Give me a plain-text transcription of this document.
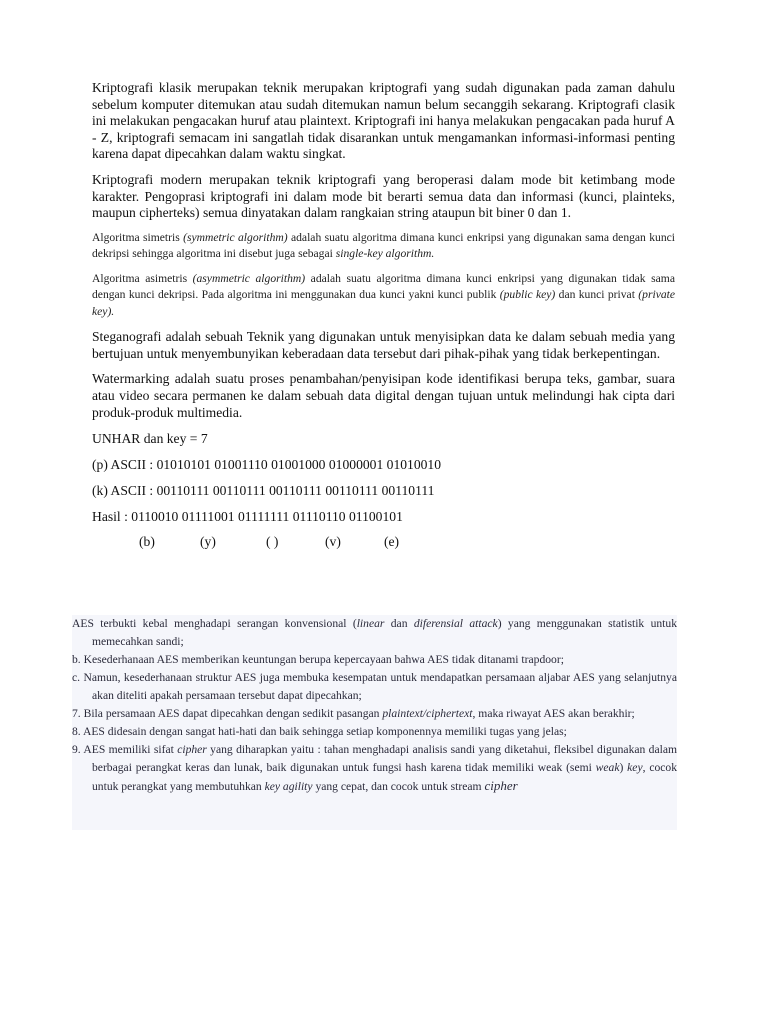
Kriptografi klasik merupakan teknik merupakan kriptografi yang sudah digunakan pada zaman dahulu sebelum komputer ditemukan atau sudah ditemukan namun belum secanggih sekarang. Kriptografi clasik ini melakukan pengacakan huruf atau plaintext. Kriptografi ini hanya melakukan pengacakan pada huruf A - Z, kriptografi semacam ini sangatlah tidak disarankan untuk mengamankan informasi-informasi penting karena dapat dipecahkan dalam waktu singkat.

Kriptografi modern merupakan teknik kriptografi yang beroperasi dalam mode bit ketimbang mode karakter. Pengoprasi kriptografi ini dalam mode bit berarti semua data dan informasi (kunci, plainteks, maupun cipherteks) semua dinyatakan dalam rangkaian string ataupun bit biner 0 dan 1.

Algoritma simetris (symmetric algorithm) adalah suatu algoritma dimana kunci enkripsi yang digunakan sama dengan kunci dekripsi sehingga algoritma ini disebut juga sebagai single-key algorithm.

Algoritma asimetris (asymmetric algorithm) adalah suatu algoritma dimana kunci enkripsi yang digunakan tidak sama dengan kunci dekripsi. Pada algoritma ini menggunakan dua kunci yakni kunci publik (public key) dan kunci privat (private key).

Steganografi adalah sebuah Teknik yang digunakan untuk menyisipkan data ke dalam sebuah media yang bertujuan untuk menyembunyikan keberadaan data tersebut dari pihak-pihak yang tidak berkepentingan.

Watermarking adalah suatu proses penambahan/penyisipan kode identifikasi berupa teks, gambar, suara atau video secara permanen ke dalam sebuah data digital dengan tujuan untuk melindungi hak cipta dari produk-produk multimedia.

UNHAR dan key = 7

(p) ASCII : 01010101 01001110 01001000 01000001 01010010

(k) ASCII : 00110111 00110111 00110111 00110111 00110111

Hasil : 0110010 01111001 01111111 01110110 01100101

(b)	(y)	( )	(v)	(e)
AES terbukti kebal menghadapi serangan konvensional (linear dan diferensial attack) yang menggunakan statistik untuk memecahkan sandi;
b. Kesederhanaan AES memberikan keuntungan berupa kepercayaan bahwa AES tidak ditanami trapdoor;
c. Namun, kesederhanaan struktur AES juga membuka kesempatan untuk mendapatkan persamaan aljabar AES yang selanjutnya akan diteliti apakah persamaan tersebut dapat dipecahkan;
7. Bila persamaan AES dapat dipecahkan dengan sedikit pasangan plaintext/ciphertext, maka riwayat AES akan berakhir;
8. AES didesain dengan sangat hati-hati dan baik sehingga setiap komponennya memiliki tugas yang jelas;
9. AES memiliki sifat cipher yang diharapkan yaitu : tahan menghadapi analisis sandi yang diketahui, fleksibel digunakan dalam berbagai perangkat keras dan lunak, baik digunakan untuk fungsi hash karena tidak memiliki weak (semi weak) key, cocok untuk perangkat yang membutuhkan key agility yang cepat, dan cocok untuk stream cipher
